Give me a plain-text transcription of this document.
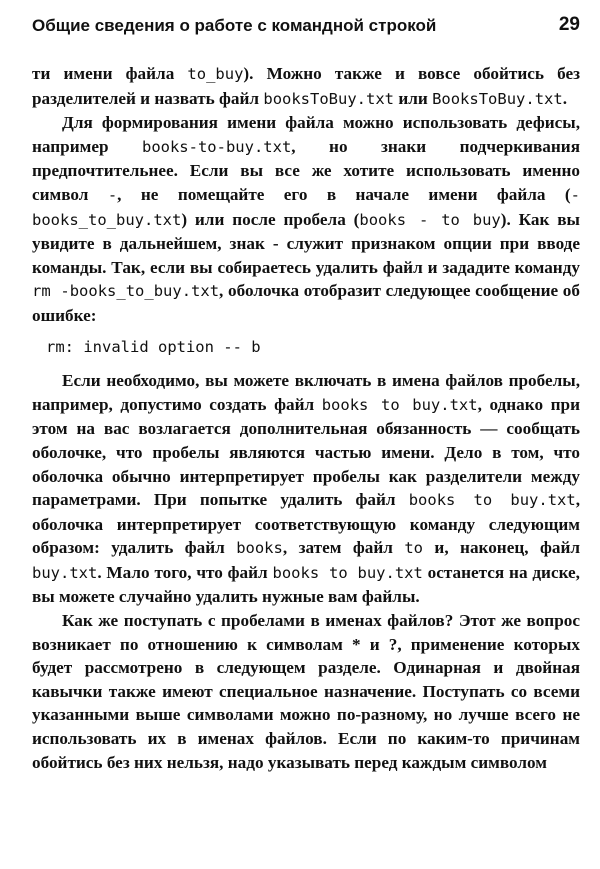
Общие сведения о работе с командной строкой	29

ти имени файла to_buy). Можно также и вовсе обойтись без разделителей и назвать файл booksToBuy.txt или BooksToBuy.txt.

Для формирования имени файла можно использовать дефисы, например books-to-buy.txt, но знаки подчеркивания предпочтительнее. Если вы все же хотите использовать именно символ -, не помещайте его в начале имени файла (-books_to_buy.txt) или после пробела (books - to buy). Как вы увидите в дальнейшем, знак - служит признаком опции при вводе команды. Так, если вы собираетесь удалить файл и зададите команду rm -books_to_buy.txt, оболочка отобразит следующее сообщение об ошибке:

rm: invalid option -- b

Если необходимо, вы можете включать в имена файлов пробелы, например, допустимо создать файл books to buy.txt, однако при этом на вас возлагается дополнительная обязанность — сообщать оболочке, что пробелы являются частью имени. Дело в том, что оболочка обычно интерпретирует пробелы как разделители между параметрами. При попытке удалить файл books to buy.txt, оболочка интерпретирует соответствующую команду следующим образом: удалить файл books, затем файл to и, наконец, файл buy.txt. Мало того, что файл books to buy.txt останется на диске, вы можете случайно удалить нужные вам файлы.

Как же поступать с пробелами в именах файлов? Этот же вопрос возникает по отношению к символам * и ?, применение которых будет рассмотрено в следующем разделе. Одинарная и двойная кавычки также имеют специальное назначение. Поступать со всеми указанными выше символами можно по-разному, но лучше всего не использовать их в именах файлов. Если по каким-то причинам обойтись без них нельзя, надо указывать перед каждым символом
